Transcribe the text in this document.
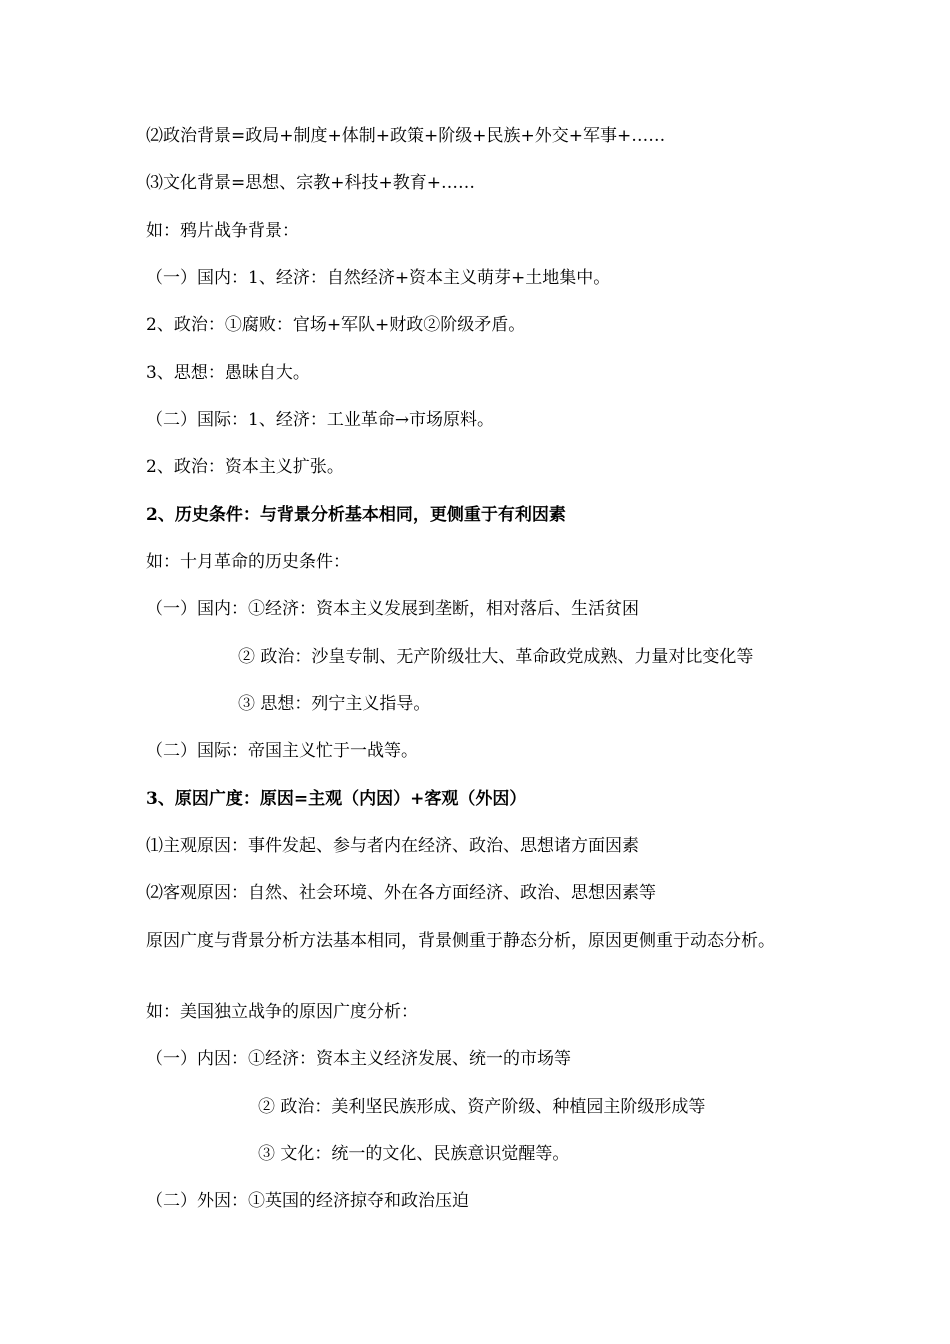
⑵政治背景=政局+制度+体制+政策+阶级+民族+外交+军事+……
⑶文化背景=思想、宗教+科技+教育+……
如：鸦片战争背景：
（一）国内：1、经济：自然经济+资本主义萌芽+土地集中。
2、政治：①腐败：官场+军队+财政②阶级矛盾。
3、思想：愚昧自大。
（二）国际：1、经济：工业革命→市场原料。
2、政治：资本主义扩张。
2、历史条件：与背景分析基本相同，更侧重于有利因素
如：十月革命的历史条件：
（一）国内：①经济：资本主义发展到垄断，相对落后、生活贫困
② 政治：沙皇专制、无产阶级壮大、革命政党成熟、力量对比变化等
③ 思想：列宁主义指导。
（二）国际：帝国主义忙于一战等。
3、原因广度：原因=主观（内因）+客观（外因）
⑴主观原因：事件发起、参与者内在经济、政治、思想诸方面因素
⑵客观原因：自然、社会环境、外在各方面经济、政治、思想因素等
原因广度与背景分析方法基本相同，背景侧重于静态分析，原因更侧重于动态分析。
如：美国独立战争的原因广度分析：
（一）内因：①经济：资本主义经济发展、统一的市场等
② 政治：美利坚民族形成、资产阶级、种植园主阶级形成等
③ 文化：统一的文化、民族意识觉醒等。
（二）外因：①英国的经济掠夺和政治压迫
